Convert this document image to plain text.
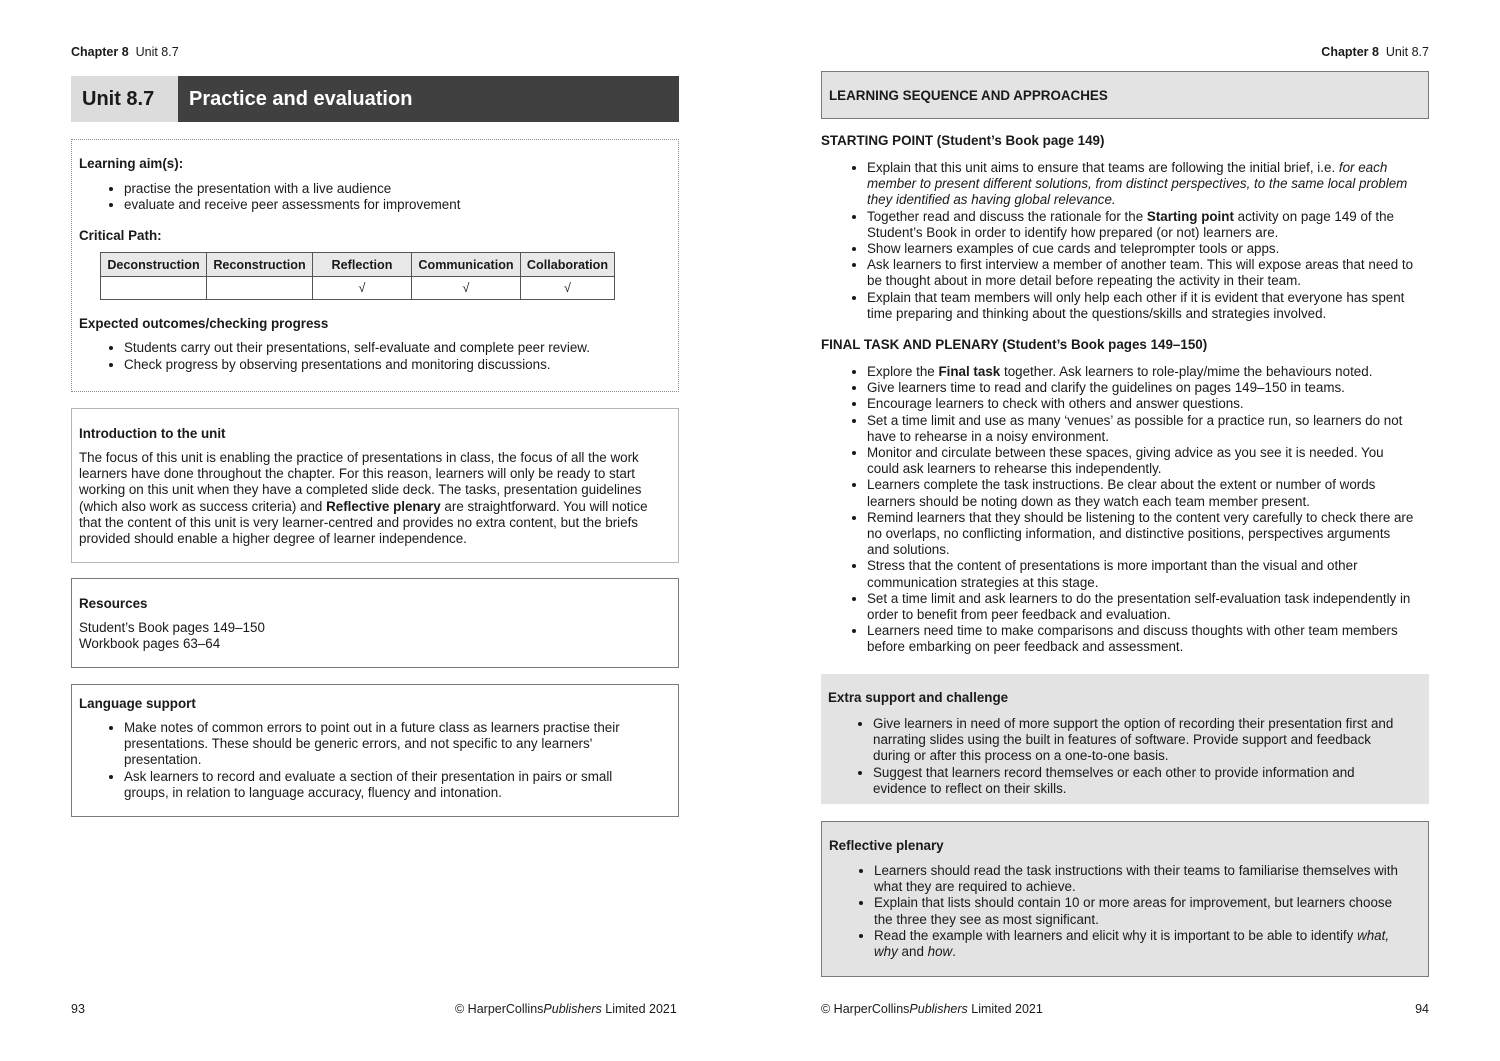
Chapter 8 Unit 8.7
Unit 8.7	Practice and evaluation

Learning aim(s):

• practise the presentation with a live audience
• evaluate and receive peer assessments for improvement

Critical Path:

Deconstruction	Reconstruction	Reflection	Communication	Collaboration
		√	√	√

Expected outcomes/checking progress

• Students carry out their presentations, self-evaluate and complete peer review.
• Check progress by observing presentations and monitoring discussions.

Introduction to the unit

The focus of this unit is enabling the practice of presentations in class, the focus of all the work learners have done throughout the chapter. For this reason, learners will only be ready to start working on this unit when they have a completed slide deck. The tasks, presentation guidelines (which also work as success criteria) and Reflective plenary are straightforward. You will notice that the content of this unit is very learner-centred and provides no extra content, but the briefs provided should enable a higher degree of learner independence.

Resources

Student’s Book pages 149–150

Workbook pages 63–64

Language support

• Make notes of common errors to point out in a future class as learners practise their presentations. These should be generic errors, and not specific to any learners' presentation.
• Ask learners to record and evaluate a section of their presentation in pairs or small groups, in relation to language accuracy, fluency and intonation.
93	© HarperCollinsPublishers Limited 2021
Chapter 8 Unit 8.7

LEARNING SEQUENCE AND APPROACHES

STARTING POINT (Student’s Book page 149)

• Explain that this unit aims to ensure that teams are following the initial brief, i.e. for each member to present different solutions, from distinct perspectives, to the same local problem they identified as having global relevance.
• Together read and discuss the rationale for the Starting point activity on page 149 of the Student’s Book in order to identify how prepared (or not) learners are.
• Show learners examples of cue cards and teleprompter tools or apps.
• Ask learners to first interview a member of another team. This will expose areas that need to be thought about in more detail before repeating the activity in their team.
• Explain that team members will only help each other if it is evident that everyone has spent time preparing and thinking about the questions/skills and strategies involved.

FINAL TASK AND PLENARY (Student’s Book pages 149–150)

• Explore the Final task together. Ask learners to role-play/mime the behaviours noted.
• Give learners time to read and clarify the guidelines on pages 149–150 in teams.
• Encourage learners to check with others and answer questions.
• Set a time limit and use as many ‘venues’ as possible for a practice run, so learners do not have to rehearse in a noisy environment.
• Monitor and circulate between these spaces, giving advice as you see it is needed. You could ask learners to rehearse this independently.
• Learners complete the task instructions. Be clear about the extent or number of words learners should be noting down as they watch each team member present.
• Remind learners that they should be listening to the content very carefully to check there are no overlaps, no conflicting information, and distinctive positions, perspectives arguments and solutions.
• Stress that the content of presentations is more important than the visual and other communication strategies at this stage.
• Set a time limit and ask learners to do the presentation self-evaluation task independently in order to benefit from peer feedback and evaluation.
• Learners need time to make comparisons and discuss thoughts with other team members before embarking on peer feedback and assessment.

Extra support and challenge

• Give learners in need of more support the option of recording their presentation first and narrating slides using the built in features of software. Provide support and feedback during or after this process on a one-to-one basis.
• Suggest that learners record themselves or each other to provide information and evidence to reflect on their skills.

Reflective plenary

• Learners should read the task instructions with their teams to familiarise themselves with what they are required to achieve.
• Explain that lists should contain 10 or more areas for improvement, but learners choose the three they see as most significant.
• Read the example with learners and elicit why it is important to be able to identify what, why and how.
© HarperCollinsPublishers Limited 2021	94
